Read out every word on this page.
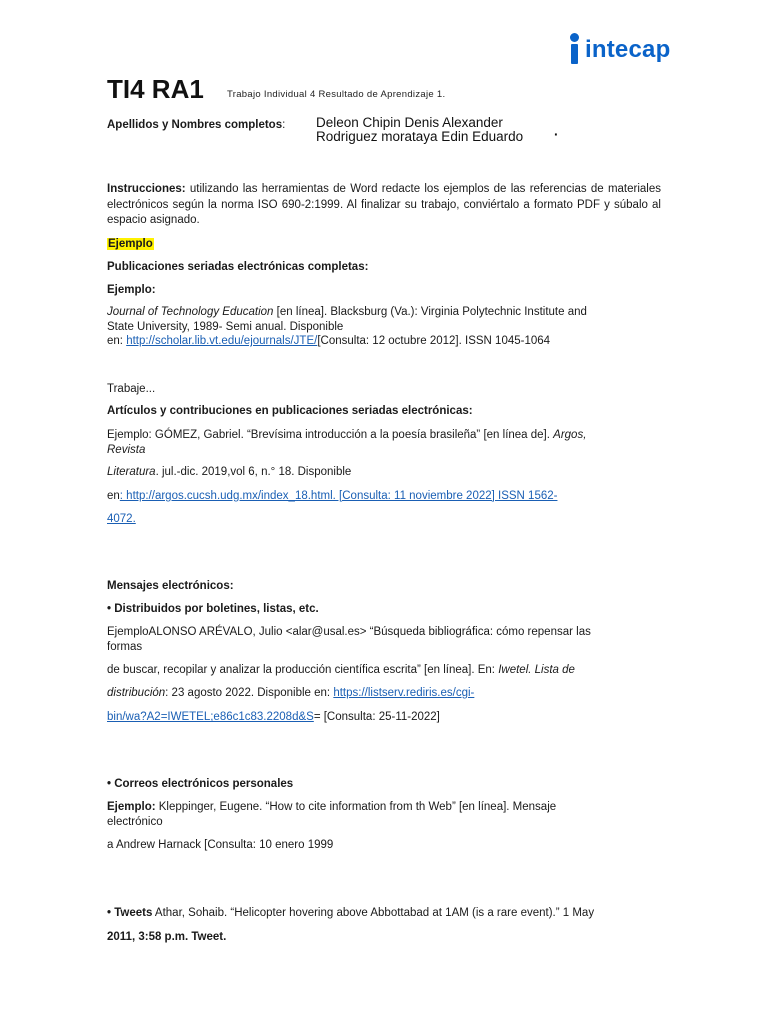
intecap
TI4 RA1 Trabajo Individual 4 Resultado de Aprendizaje 1.
Apellidos y Nombres completos: Deleon Chipin Denis Alexander
Rodriguez morataya Edin Eduardo ·
Instrucciones: utilizando las herramientas de Word redacte los ejemplos de las referencias de materiales electrónicos según la norma ISO 690-2:1999. Al finalizar su trabajo, conviértalo a formato PDF y súbalo al espacio asignado.
Ejemplo
Publicaciones seriadas electrónicas completas:
Ejemplo:
Journal of Technology Education [en línea]. Blacksburg (Va.): Virginia Polytechnic Institute and
State University, 1989- Semi anual. Disponible
en: http://scholar.lib.vt.edu/ejournals/JTE/[Consulta: 12 octubre 2012]. ISSN 1045-1064
Trabaje...
Artículos y contribuciones en publicaciones seriadas electrónicas:
Ejemplo: GÓMEZ, Gabriel. “Brevísima introducción a la poesía brasileña” [en línea de]. Argos,
Revista
Literatura. jul.-dic. 2019,vol 6, n.° 18. Disponible
en: http://argos.cucsh.udg.mx/index_18.html. [Consulta: 11 noviembre 2022] ISSN 1562-
4072.
Mensajes electrónicos:
• Distribuidos por boletines, listas, etc.
EjemploALONSO ARÉVALO, Julio <alar@usal.es> “Búsqueda bibliográfica: cómo repensar las
formas
de buscar, recopilar y analizar la producción científica escrita” [en línea]. En: Iwetel. Lista de
distribución: 23 agosto 2022. Disponible en: https://listserv.rediris.es/cgi-
bin/wa?A2=IWETEL;e86c1c83.2208d&S= [Consulta: 25-11-2022]
• Correos electrónicos personales
Ejemplo: Kleppinger, Eugene. “How to cite information from th Web” [en línea]. Mensaje
electrónico
a Andrew Harnack [Consulta: 10 enero 1999
• Tweets Athar, Sohaib. “Helicopter hovering above Abbottabad at 1AM (is a rare event).” 1 May
2011, 3:58 p.m. Tweet.
